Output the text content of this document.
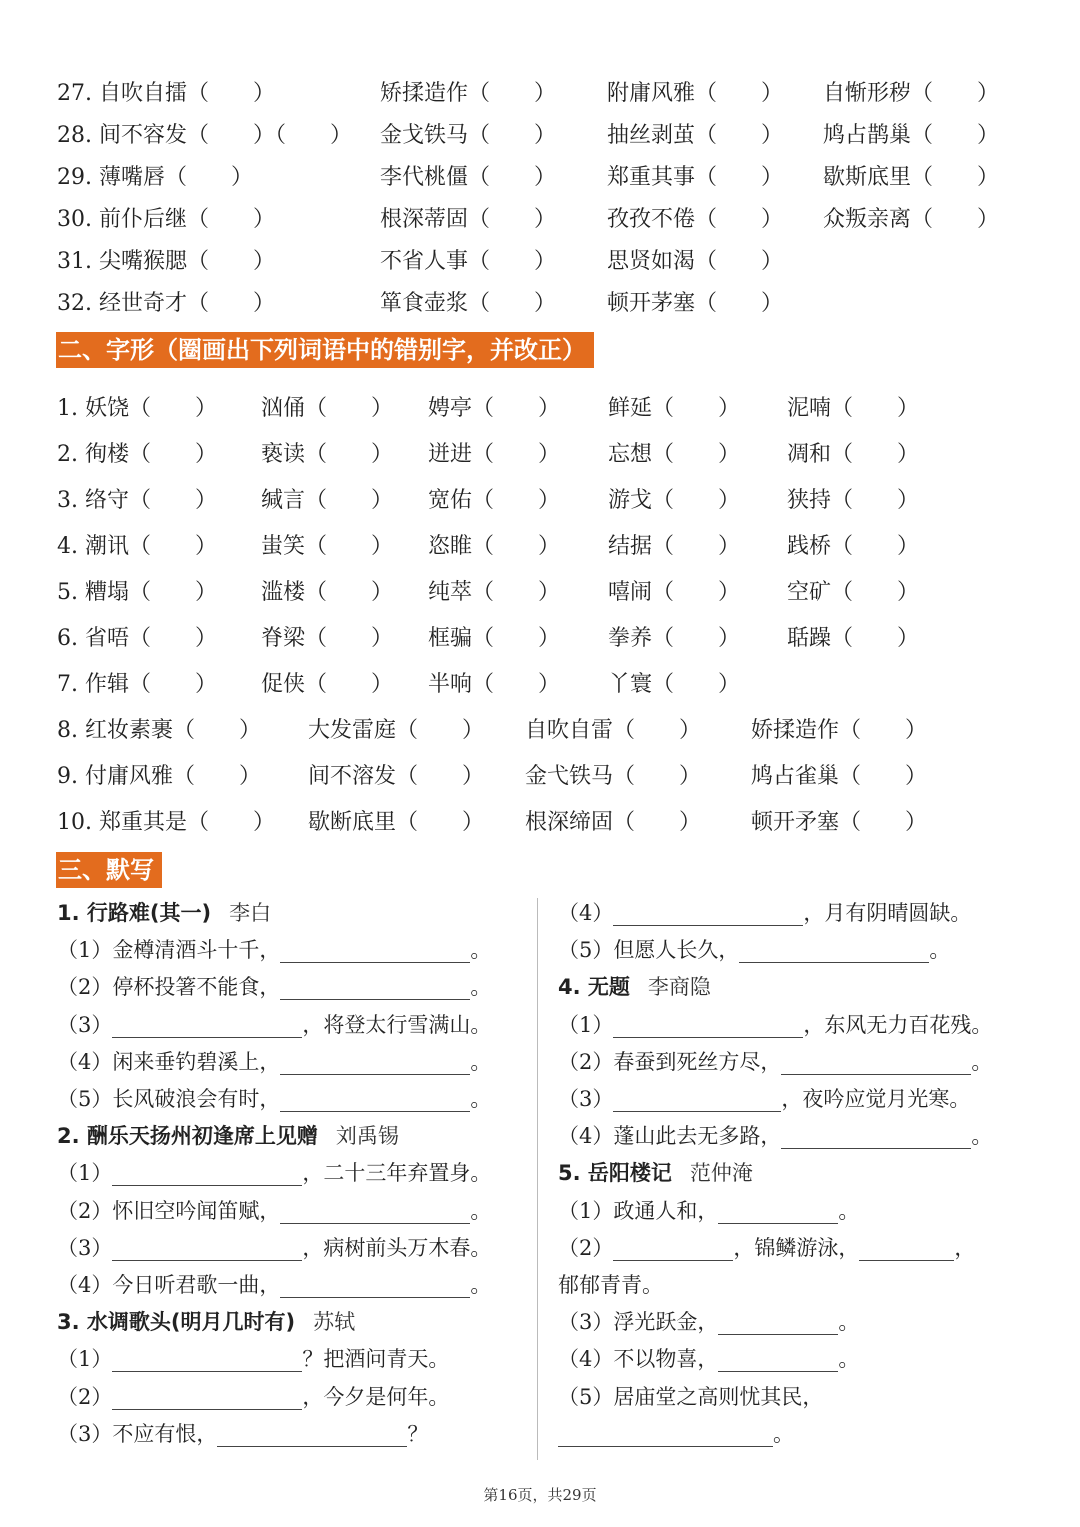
27. 自吹自擂（　　）	矫揉造作（　　） 附庸风雅（　　） 自惭形秽（　　）
28. 间不容发（　　）（　　） 金戈铁马（　　） 抽丝剥茧（　　） 鸠占鹊巢（　　）
29. 薄嘴唇（　　）	李代桃僵（　　） 郑重其事（　　） 歇斯底里（　　）
30. 前仆后继（　　）	根深蒂固（　　） 孜孜不倦（　　） 众叛亲离（　　）
31. 尖嘴猴腮（　　）	不省人事（　　） 思贤如渴（　　）
32. 经世奇才（　　）	箪食壶浆（　　） 顿开茅塞（　　）
二、字形（圈画出下列词语中的错别字，并改正）
1. 妖饶（　　） 汹俑（　　） 娉亭（　　） 鲜延（　　） 泥喃（　　）
2. 徇楼（　　） 亵读（　　） 迸进（　　） 忘想（　　） 凋和（　　）
3. 络守（　　） 缄言（　　） 宽佑（　　） 游戈（　　） 狭持（　　）
4. 潮讯（　　） 蚩笑（　　） 恣睢（　　） 结据（　　） 践桥（　　）
5. 糟塌（　　） 滥楼（　　） 纯萃（　　） 嘻闹（　　） 空矿（　　）
6. 省唔（　　） 脊梁（　　） 框骗（　　） 拳养（　　） 聒躁（　　）
7. 作辑（　　） 促侠（　　） 半响（　　） 丫寰（　　）
8. 红妆素裹（　　） 大发雷庭（　　） 自吹自雷（　　） 娇揉造作（　　）
9. 付庸风雅（　　） 间不溶发（　　） 金弋铁马（　　） 鸠占雀巢（　　）
10. 郑重其是（　　） 歇断底里（　　） 根深缔固（　　） 顿开矛塞（　　）
三、默写
1. 行路难(其一) 李白
（1）金樽清酒斗十千，	。
（2）停杯投箸不能食，	。
（3）	，将登太行雪满山。
（4）闲来垂钓碧溪上，	。
（5）长风破浪会有时，	。
2. 酬乐天扬州初逢席上见赠 刘禹锡
（1）	，二十三年弃置身。
（2）怀旧空吟闻笛赋，	。
（3）	，病树前头万木春。
（4）今日听君歌一曲，	。
3. 水调歌头(明月几时有) 苏轼
（1）	？把酒问青天。
（2）	，今夕是何年。
（3）不应有恨，	？
（4）	，月有阴晴圆缺。
（5）但愿人长久，	。
4. 无题 李商隐
（1）	，东风无力百花残。
（2）春蚕到死丝方尽，	。
（3）	，夜吟应觉月光寒。
（4）蓬山此去无多路，	。
5. 岳阳楼记 范仲淹
（1）政通人和，	。
（2）	，锦鳞游泳，	，
郁郁青青。
（3）浮光跃金，	。
（4）不以物喜，	。
（5）居庙堂之高则忧其民，
。
第16页，共29页
